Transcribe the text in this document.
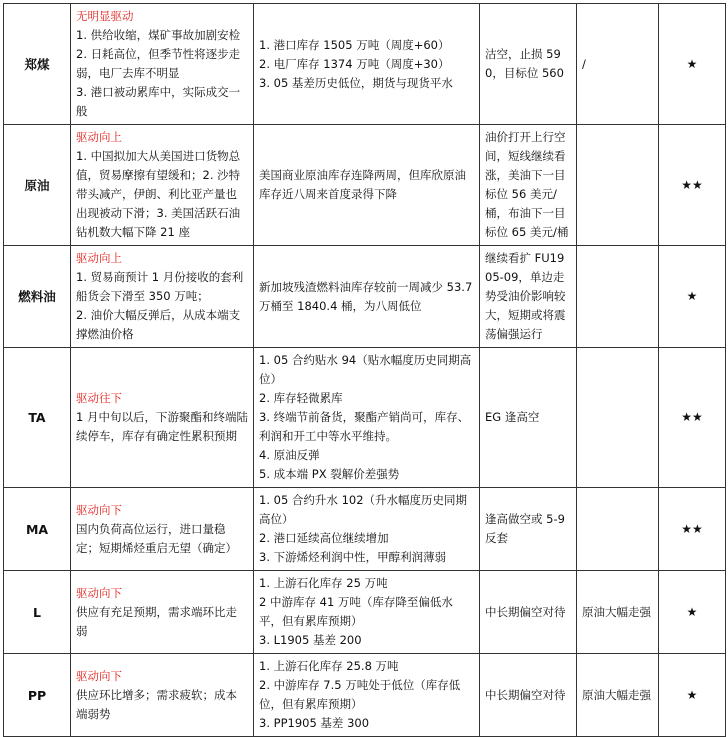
郑煤	无明显驱动
1. 供给收缩，煤矿事故加剧安检
2. 日耗高位，但季节性将逐步走弱，电厂去库不明显
3. 港口被动累库中，实际成交一般	1. 港口库存 1505 万吨（周度+60）
2. 电厂库存 1374 万吨（周度+30）
3. 05 基差历史低位，期货与现货平水	沽空，止损 590，目标位 560	/	★
原油	驱动向上
1. 中国拟加大从美国进口货物总值，贸易摩擦有望缓和；2. 沙特带头减产，伊朗、利比亚产量也出现被动下滑；3. 美国活跃石油钻机数大幅下降 21 座	美国商业原油库存连降两周，但库欣原油库存近八周来首度录得下降	油价打开上行空间，短线继续看涨，美油下一目标位 56 美元/桶，布油下一目标位 65 美元/桶		★★
燃料油	驱动向上
1. 贸易商预计 1 月份接收的套利船货会下滑至 350 万吨；
2. 油价大幅反弹后，从成本端支撑燃油价格	新加坡残渣燃料油库存较前一周减少 53.7 万桶至 1840.4 桶，为八周低位	继续看扩 FU1905-09，单边走势受油价影响较大，短期或将震荡偏强运行		★
TA	驱动往下
1 月中旬以后，下游聚酯和终端陆续停车，库存有确定性累积预期	1. 05 合约贴水 94（贴水幅度历史同期高位）
2. 库存轻微累库
3. 终端节前备货，聚酯产销尚可，库存、利润和开工中等水平维持。
4. 原油反弹
5. 成本端 PX 裂解价差强势	EG 逢高空		★★
MA	驱动向下
国内负荷高位运行，进口量稳定；短期烯烃重启无望（确定）	1. 05 合约升水 102（升水幅度历史同期高位）
2. 港口延续高位继续增加
3. 下游烯烃利润中性，甲醇利润薄弱	逢高做空或 5-9 反套		★★
L	驱动向下
供应有充足预期，需求端环比走弱	1. 上游石化库存 25 万吨
2 中游库存 41 万吨（库存降至偏低水平，但有累库预期）
3. L1905 基差 200	中长期偏空对待	原油大幅走强	★
PP	驱动向下
供应环比增多；需求疲软；成本端弱势	1. 上游石化库存 25.8 万吨
2. 中游库存 7.5 万吨处于低位（库存低位，但有累库预期）
3. PP1905 基差 300	中长期偏空对待	原油大幅走强	★
